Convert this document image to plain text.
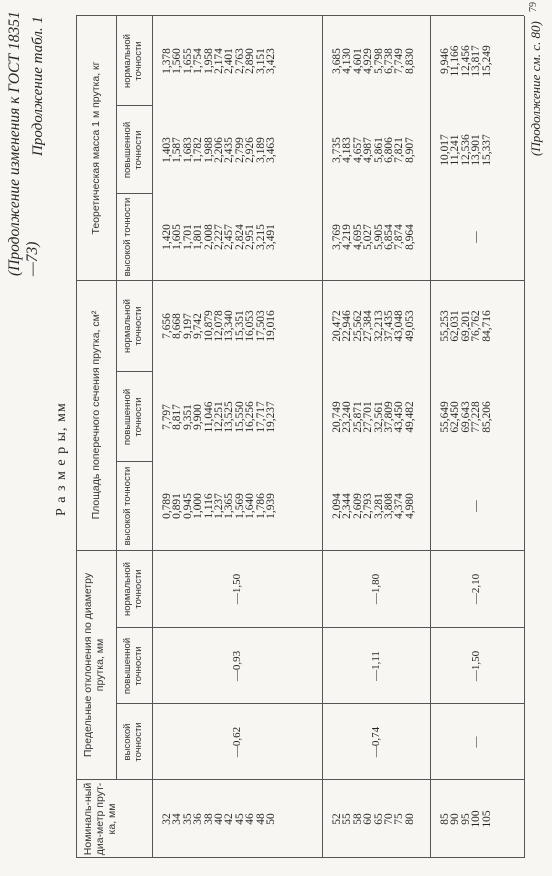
(Продолжение изменения к ГОСТ 18351—73)
Продолжение табл. 1
Р а з м е р ы, мм
Номиналь-ный диа-метр прут-ка, мм
Предельные отклонения по диаметру прутка, мм
Площадь поперечного сечения прутка, см²
Теоретическая масса 1 м прутка, кг
высокой точности
повышенной точности
нормальной точности
высокой точности
повышенной точности
нормальной точности
высокой точности
повышенной точности
нормальной точности
32
34
35
36
38
40
42
45
46
48
50
0,789
0,891
0,945
1,000
1,116
1,237
1,365
1,569
1,640
1,786
1,939
7,797
8,817
9,351
9,900
11,046
12,251
13,525
15,550
16,256
17,717
19,237
7,656
8,668
9,197
9,742
10,879
12,078
13,340
15,351
16,053
17,503
19,016
1,420
1,605
1,701
1,801
2,008
2,227
2,457
2,824
2,951
3,215
3,491
1,403
1,587
1,683
1,782
1,988
2,206
2,435
2,799
2,926
3,189
3,463
1,378
1,560
1,655
1,754
1,958
2,174
2,401
2,763
2,890
3,151
3,423
—0,62
—0,93
—1,50
52
55
58
60
65
70
75
80
2,094
2,344
2,609
2,793
3,281
3,808
4,374
4,980
20,749
23,240
25,871
27,701
32,561
37,809
43,450
49,482
20,472
22,946
25,562
27,384
32,213
37,435
43,048
49,053
3,769
4,219
4,695
5,027
5,905
6,854
7,874
8,964
3,735
4,183
4,657
4,987
5,861
6,806
7,821
8,907
3,685
4,130
4,601
4,929
5,798
6,738
7,749
8,830
—0,74
—1,11
—1,80
85
90
95
100
105
—
55,649
62,450
69,643
77,228
85,206
55,253
62,031
69,201
76,762
84,716
—
10,017
11,241
12,536
13,901
15,337
9,946
11,166
12,456
13,817
15,249
—
—1,50
—2,10
(Продолжение см. с. 80)
79
